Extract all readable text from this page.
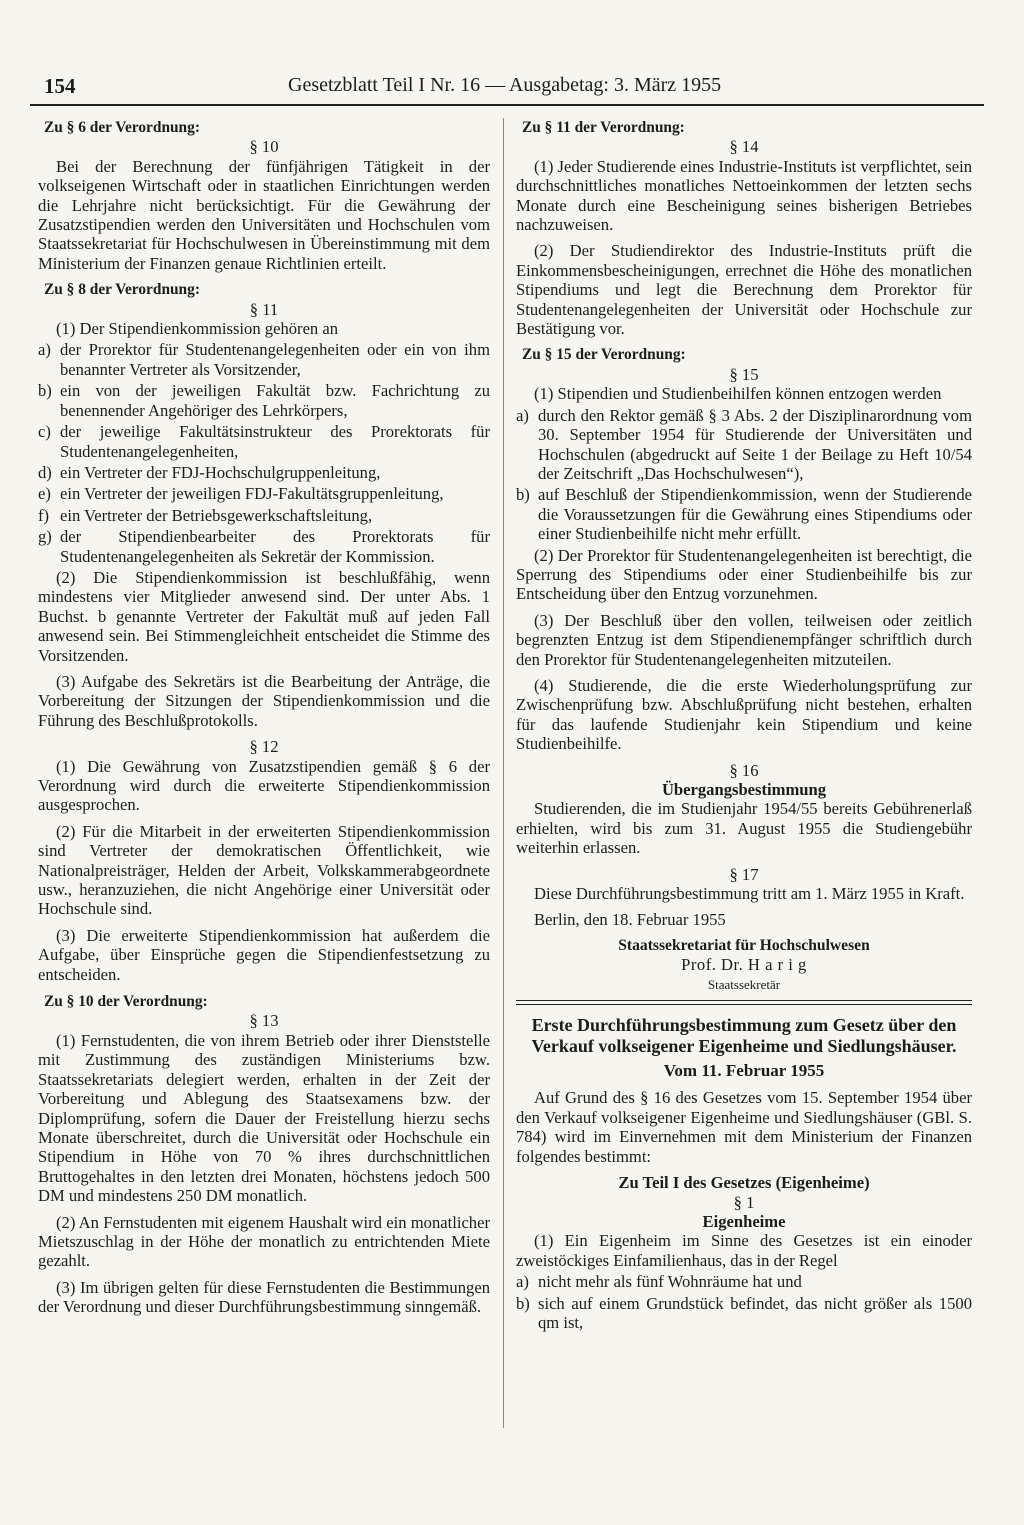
154	Gesetzblatt Teil I Nr. 16 — Ausgabetag: 3. März 1955
Zu § 6 der Verordnung:
§ 10

Bei der Berechnung der fünfjährigen Tätigkeit in der volkseigenen Wirtschaft oder in staatlichen Einrichtungen werden die Lehrjahre nicht berücksichtigt. Für die Gewährung der Zusatzstipendien werden den Universitäten und Hochschulen vom Staatssekretariat für Hochschulwesen in Übereinstimmung mit dem Ministerium der Finanzen genaue Richtlinien erteilt.

Zu § 8 der Verordnung:
§ 11

(1) Der Stipendienkommission gehören an

a) der Prorektor für Studentenangelegenheiten oder ein von ihm benannter Vertreter als Vorsitzender,
b) ein von der jeweiligen Fakultät bzw. Fachrichtung zu benennender Angehöriger des Lehrkörpers,
c) der jeweilige Fakultätsinstrukteur des Prorektorats für Studentenangelegenheiten,
d) ein Vertreter der FDJ-Hochschulgruppenleitung,
e) ein Vertreter der jeweiligen FDJ-Fakultätsgruppenleitung,
f) ein Vertreter der Betriebsgewerkschaftsleitung,
g) der Stipendienbearbeiter des Prorektorats für Studentenangelegenheiten als Sekretär der Kommission.

(2) Die Stipendienkommission ist beschlußfähig, wenn mindestens vier Mitglieder anwesend sind. Der unter Abs. 1 Buchst. b genannte Vertreter der Fakultät muß auf jeden Fall anwesend sein. Bei Stimmengleichheit entscheidet die Stimme des Vorsitzenden.

(3) Aufgabe des Sekretärs ist die Bearbeitung der Anträge, die Vorbereitung der Sitzungen der Stipendienkommission und die Führung des Beschlußprotokolls.

§ 12

(1) Die Gewährung von Zusatzstipendien gemäß § 6 der Verordnung wird durch die erweiterte Stipendienkommission ausgesprochen.

(2) Für die Mitarbeit in der erweiterten Stipendienkommission sind Vertreter der demokratischen Öffentlichkeit, wie Nationalpreisträger, Helden der Arbeit, Volkskammerabgeordnete usw., heranzuziehen, die nicht Angehörige einer Universität oder Hochschule sind.

(3) Die erweiterte Stipendienkommission hat außerdem die Aufgabe, über Einsprüche gegen die Stipendienfestsetzung zu entscheiden.

Zu § 10 der Verordnung:
§ 13

(1) Fernstudenten, die von ihrem Betrieb oder ihrer Dienststelle mit Zustimmung des zuständigen Ministeriums bzw. Staatssekretariats delegiert werden, erhalten in der Zeit der Vorbereitung und Ablegung des Staatsexamens bzw. der Diplomprüfung, sofern die Dauer der Freistellung hierzu sechs Monate überschreitet, durch die Universität oder Hochschule ein Stipendium in Höhe von 70 % ihres durchschnittlichen Bruttogehaltes in den letzten drei Monaten, höchstens jedoch 500 DM und mindestens 250 DM monatlich.

(2) An Fernstudenten mit eigenem Haushalt wird ein monatlicher Mietszuschlag in der Höhe der monatlich zu entrichtenden Miete gezahlt.

(3) Im übrigen gelten für diese Fernstudenten die Bestimmungen der Verordnung und dieser Durchführungsbestimmung sinngemäß.

Zu § 11 der Verordnung:
§ 14

(1) Jeder Studierende eines Industrie-Instituts ist verpflichtet, sein durchschnittliches monatliches Nettoeinkommen der letzten sechs Monate durch eine Bescheinigung seines bisherigen Betriebes nachzuweisen.

(2) Der Studiendirektor des Industrie-Instituts prüft die Einkommensbescheinigungen, errechnet die Höhe des monatlichen Stipendiums und legt die Berechnung dem Prorektor für Studentenangelegenheiten der Universität oder Hochschule zur Bestätigung vor.

Zu § 15 der Verordnung:
§ 15

(1) Stipendien und Studienbeihilfen können entzogen werden

a) durch den Rektor gemäß § 3 Abs. 2 der Disziplinarordnung vom 30. September 1954 für Studierende der Universitäten und Hochschulen (abgedruckt auf Seite 1 der Beilage zu Heft 10/54 der Zeitschrift „Das Hochschulwesen“),
b) auf Beschluß der Stipendienkommission, wenn der Studierende die Voraussetzungen für die Gewährung eines Stipendiums oder einer Studienbeihilfe nicht mehr erfüllt.

(2) Der Prorektor für Studentenangelegenheiten ist berechtigt, die Sperrung des Stipendiums oder einer Studienbeihilfe bis zur Entscheidung über den Entzug vorzunehmen.

(3) Der Beschluß über den vollen, teilweisen oder zeitlich begrenzten Entzug ist dem Stipendienempfänger schriftlich durch den Prorektor für Studentenangelegenheiten mitzuteilen.

(4) Studierende, die die erste Wiederholungsprüfung zur Zwischenprüfung bzw. Abschlußprüfung nicht bestehen, erhalten für das laufende Studienjahr kein Stipendium und keine Studienbeihilfe.

§ 16
Übergangsbestimmung

Studierenden, die im Studienjahr 1954/55 bereits Gebührenerlaß erhielten, wird bis zum 31. August 1955 die Studiengebühr weiterhin erlassen.

§ 17

Diese Durchführungsbestimmung tritt am 1. März 1955 in Kraft.

Berlin, den 18. Februar 1955
Staatssekretariat für Hochschulwesen
Prof. Dr. H a r i g
Staatssekretär
Erste Durchführungsbestimmung zum Gesetz über den Verkauf volkseigener Eigenheime und Siedlungshäuser.
Vom 11. Februar 1955

Auf Grund des § 16 des Gesetzes vom 15. September 1954 über den Verkauf volkseigener Eigenheime und Siedlungshäuser (GBl. S. 784) wird im Einvernehmen mit dem Ministerium der Finanzen folgendes bestimmt:

Zu Teil I des Gesetzes (Eigenheime)
§ 1
Eigenheime

(1) Ein Eigenheim im Sinne des Gesetzes ist ein einoder zweistöckiges Einfamilienhaus, das in der Regel

a) nicht mehr als fünf Wohnräume hat und
b) sich auf einem Grundstück befindet, das nicht größer als 1500 qm ist,
